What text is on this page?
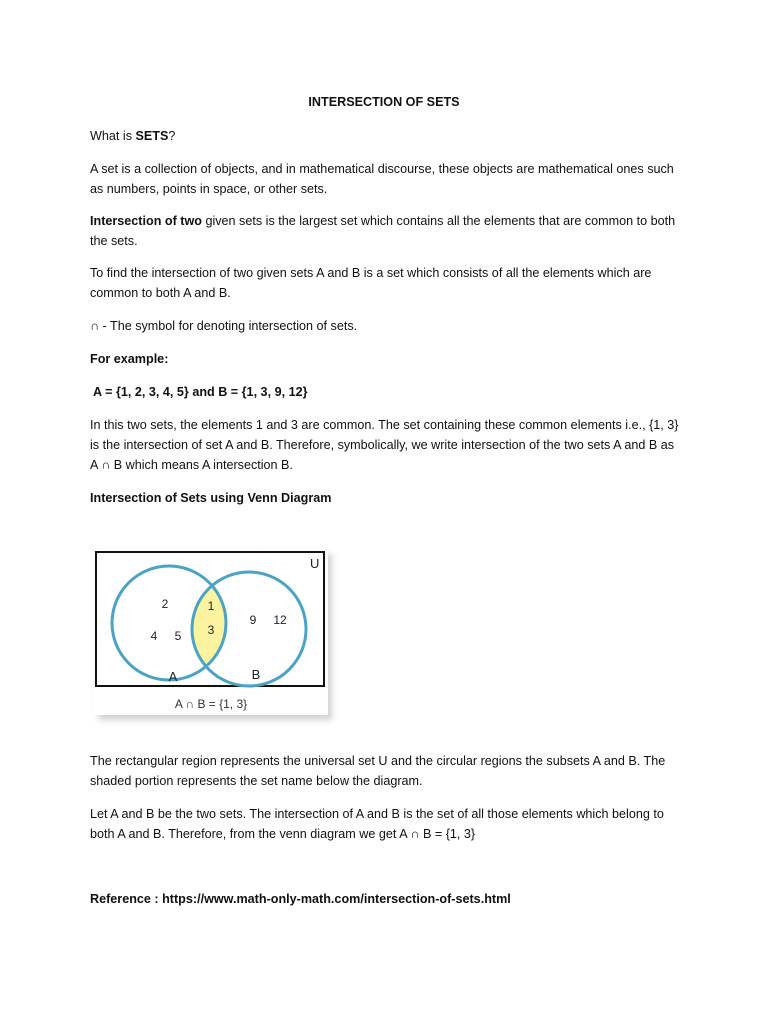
INTERSECTION OF SETS

What is SETS?

A set is a collection of objects, and in mathematical discourse, these objects are mathematical ones such as numbers, points in space, or other sets.

Intersection of two given sets is the largest set which contains all the elements that are common to both the sets.

To find the intersection of two given sets A and B is a set which consists of all the elements which are common to both A and B.

∩ - The symbol for denoting intersection of sets.

For example:

A = {1, 2, 3, 4, 5} and B = {1, 3, 9, 12}

In this two sets, the elements 1 and 3 are common. The set containing these common elements i.e., {1, 3} is the intersection of set A and B. Therefore, symbolically, we write intersection of the two sets A and B as A ∩ B which means A intersection B.

Intersection of Sets using Venn Diagram

U
2
4 5
1
3
9 12
A	B
A ∩ B = {1, 3}

The rectangular region represents the universal set U and the circular regions the subsets A and B. The shaded portion represents the set name below the diagram.

Let A and B be the two sets. The intersection of A and B is the set of all those elements which belong to both A and B. Therefore, from the venn diagram we get A ∩ B = {1, 3}

Reference : https://www.math-only-math.com/intersection-of-sets.html
